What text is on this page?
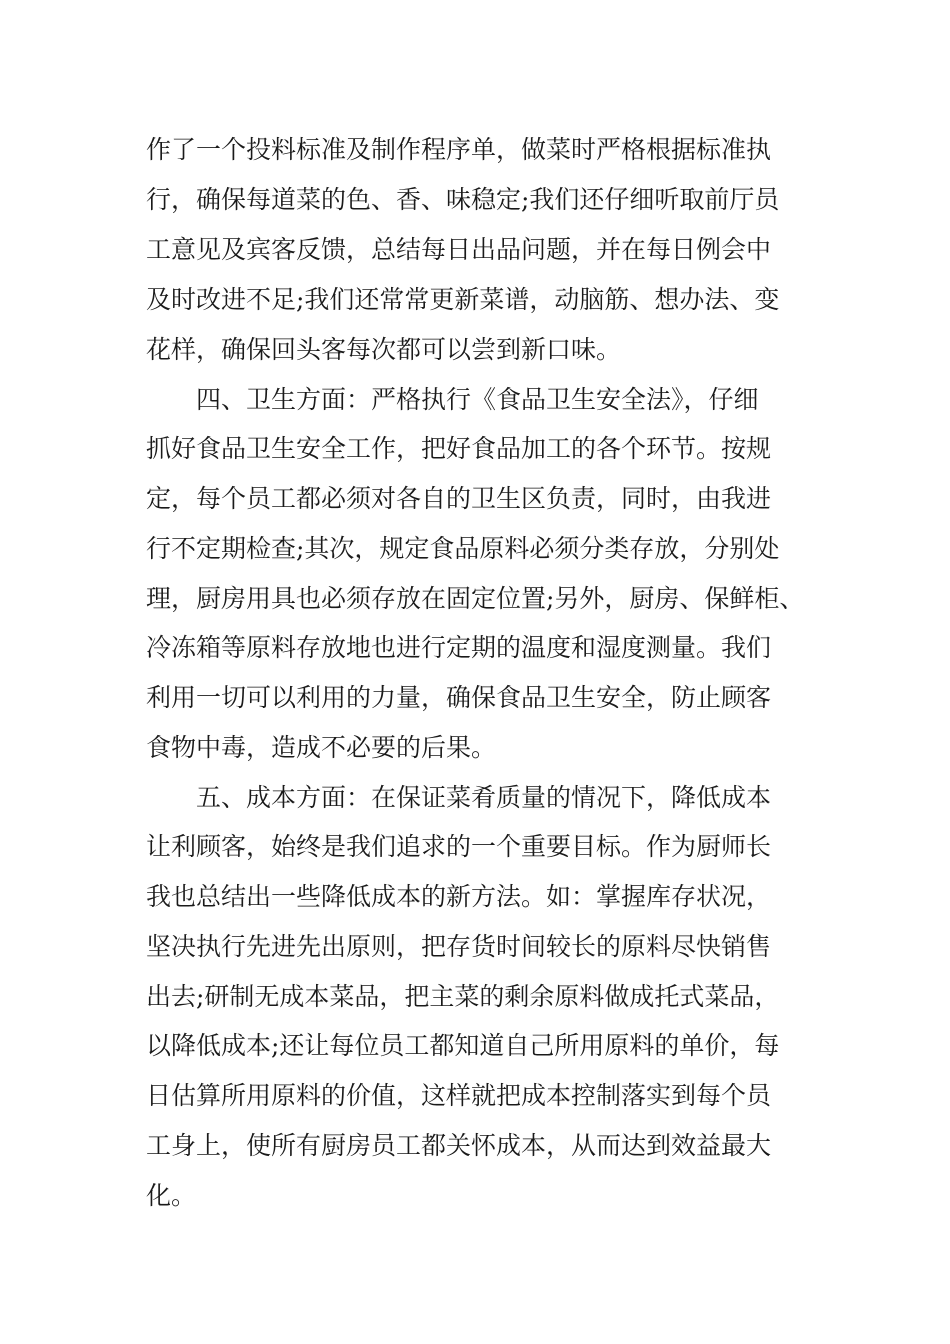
作了一个投料标准及制作程序单，做菜时严格根据标准执

行，确保每道菜的色、香、味稳定;我们还仔细听取前厅员

工意见及宾客反馈，总结每日出品问题，并在每日例会中

及时改进不足;我们还常常更新菜谱，动脑筋、想办法、变

花样，确保回头客每次都可以尝到新口味。

四、卫生方面：严格执行《食品卫生安全法》，仔细

抓好食品卫生安全工作，把好食品加工的各个环节。按规

定，每个员工都必须对各自的卫生区负责，同时，由我进

行不定期检查;其次，规定食品原料必须分类存放，分别处

理，厨房用具也必须存放在固定位置;另外，厨房、保鲜柜、

冷冻箱等原料存放地也进行定期的温度和湿度测量。我们

利用一切可以利用的力量，确保食品卫生安全，防止顾客

食物中毒，造成不必要的后果。

五、成本方面：在保证菜肴质量的情况下，降低成本

让利顾客，始终是我们追求的一个重要目标。作为厨师长

我也总结出一些降低成本的新方法。如：掌握库存状况，

坚决执行先进先出原则，把存货时间较长的原料尽快销售

出去;研制无成本菜品，把主菜的剩余原料做成托式菜品，

以降低成本;还让每位员工都知道自己所用原料的单价，每

日估算所用原料的价值，这样就把成本控制落实到每个员

工身上，使所有厨房员工都关怀成本，从而达到效益最大

化。
